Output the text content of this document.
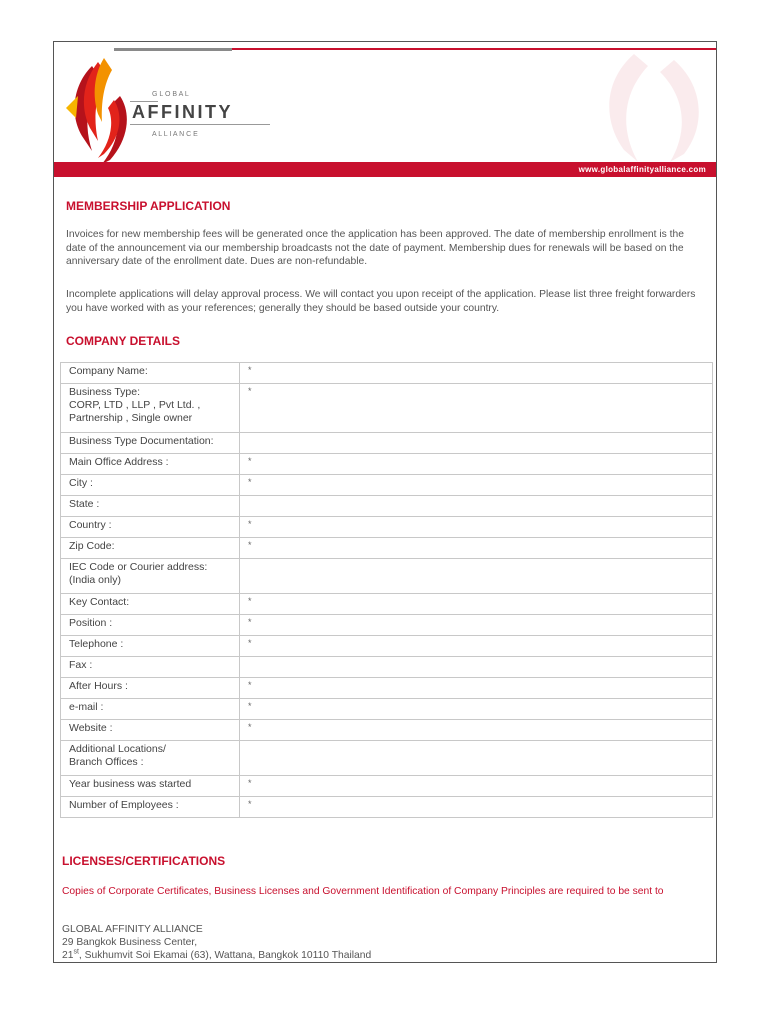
G L O B A L
AFFINITY
A L L I A N C E
www.globalaffinityalliance.com
MEMBERSHIP APPLICATION

Invoices for new membership fees will be generated once the application has been approved. The date of membership enrollment is the date of the announcement via our membership broadcasts not the date of payment. Membership dues for renewals will be based on the anniversary date of the enrollment date. Dues are non-refundable.

Incomplete applications will delay approval process. We will contact you upon receipt of the application. Please list three freight forwarders you have worked with as your references; generally they should be based outside your country.

COMPANY DETAILS
Company Name:	*

Business Type:
CORP, LTD , LLP , Pvt Ltd. ,
Partnership , Single owner	*

Business Type Documentation:	

Main Office Address :	*

City :	*

State :	

Country :	*

Zip Code:	*

IEC Code or Courier address:
(India only)	

Key Contact:	*

Position :	*

Telephone :	*

Fax :	

After Hours :	*

e-mail :	*

Website :	*

Additional Locations/
Branch Offices :	

Year business was started	*

Number of Employees :	*
LICENSES/CERTIFICATIONS

Copies of Corporate Certificates, Business Licenses and Government Identification of Company Principles are required to be sent to

GLOBAL AFFINITY ALLIANCE
29 Bangkok Business Center,
21st, Sukhumvit Soi Ekamai (63), Wattana, Bangkok 10110 Thailand
